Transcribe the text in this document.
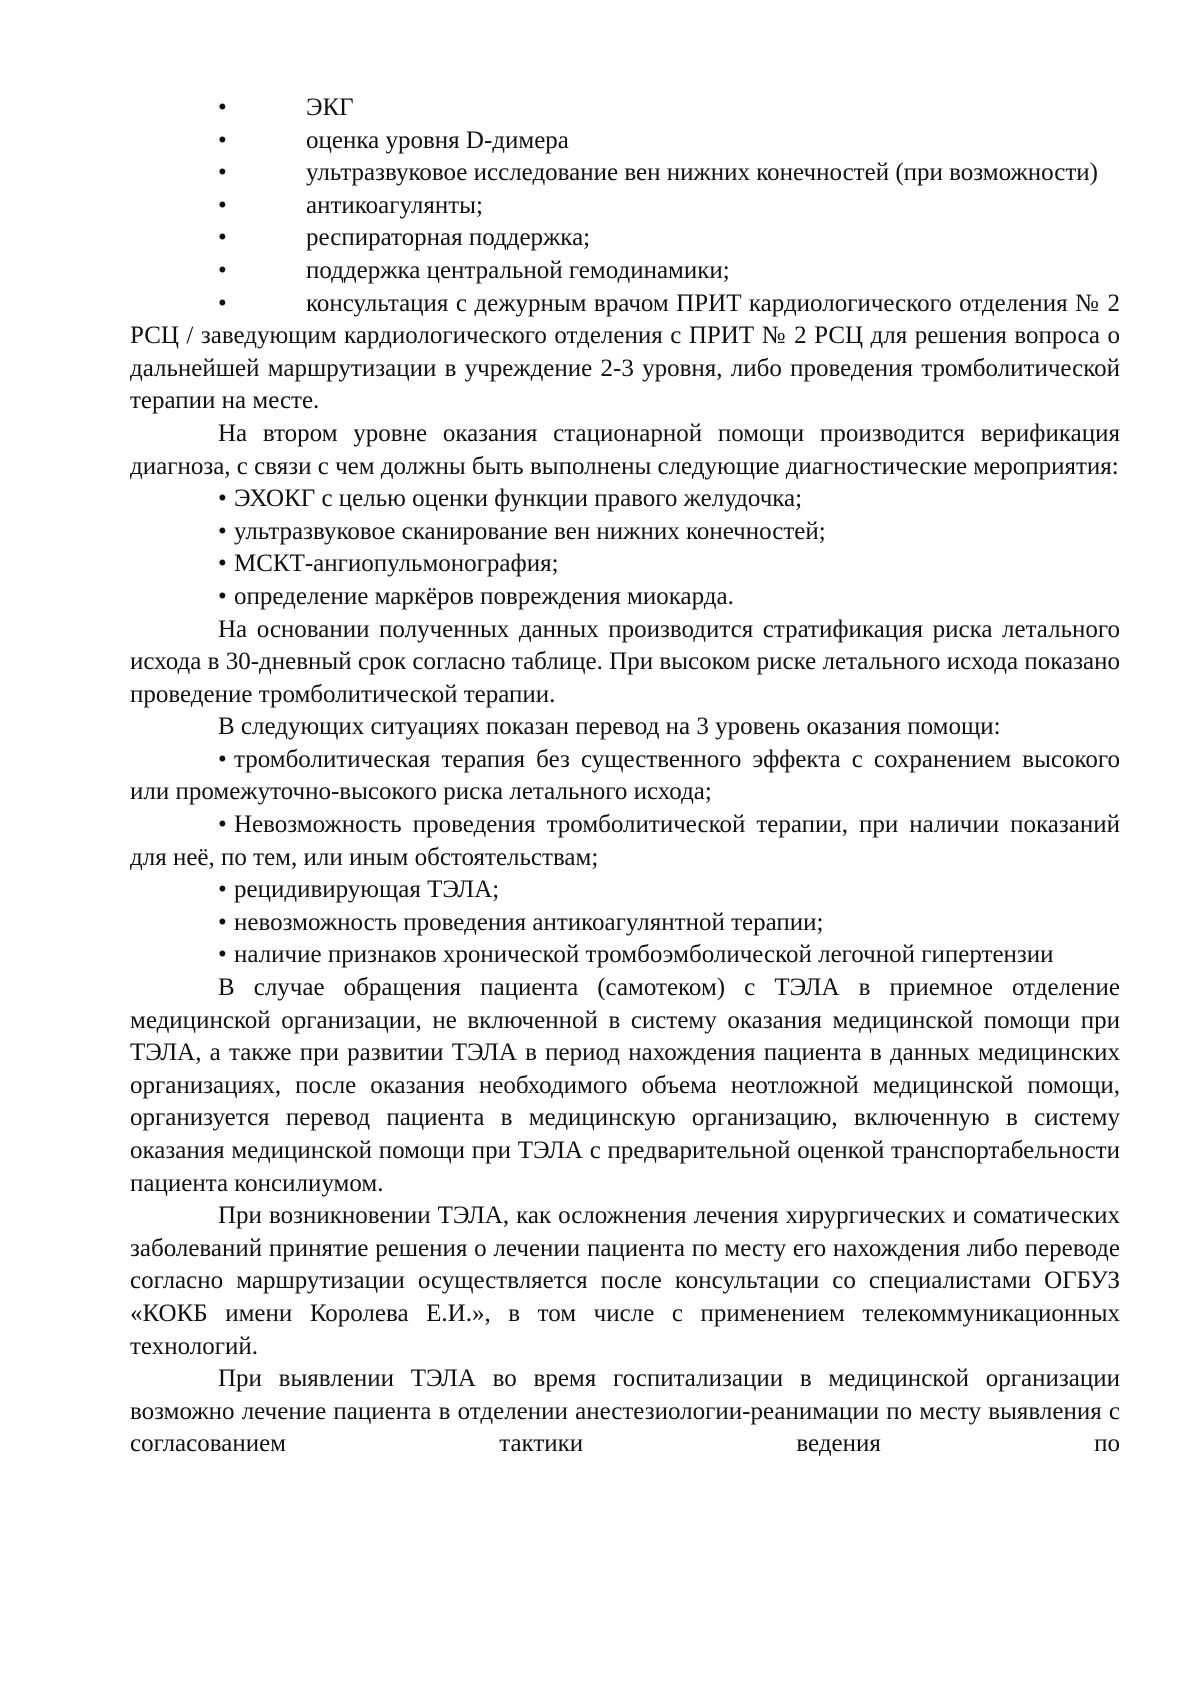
•	ЭКГ

•	оценка уровня D-димера

•	ультразвуковое исследование вен нижних конечностей (при возможности)

•	антикоагулянты;

•	респираторная поддержка;

•	поддержка центральной гемодинамики;

•	консультация с дежурным врачом ПРИТ кардиологического отделения № 2 РСЦ / заведующим кардиологического отделения с ПРИТ № 2 РСЦ для решения вопроса о дальнейшей маршрутизации в учреждение 2-3 уровня, либо проведения тромболитической терапии на месте.

На втором уровне оказания стационарной помощи производится верификация диагноза, с связи с чем должны быть выполнены следующие диагностические мероприятия:

• ЭХОКГ с целью оценки функции правого желудочка;

• ультразвуковое сканирование вен нижних конечностей;

• МСКТ-ангиопульмонография;

• определение маркёров повреждения миокарда.

На основании полученных данных производится стратификация риска летального исхода в 30-дневный срок согласно таблице. При высоком риске летального исхода показано проведение тромболитической терапии.

В следующих ситуациях показан перевод на 3 уровень оказания помощи:

• тромболитическая терапия без существенного эффекта с сохранением высокого или промежуточно-высокого риска летального исхода;

• Невозможность проведения тромболитической терапии, при наличии показаний для неё, по тем, или иным обстоятельствам;

• рецидивирующая ТЭЛА;

• невозможность проведения антикоагулянтной терапии;

• наличие признаков хронической тромбоэмболической легочной гипертензии

В случае обращения пациента (самотеком) с ТЭЛА в приемное отделение медицинской организации, не включенной в систему оказания медицинской помощи при ТЭЛА, а также при развитии ТЭЛА в период нахождения пациента в данных медицинских организациях, после оказания необходимого объема неотложной медицинской помощи, организуется перевод пациента в медицинскую организацию, включенную в систему оказания медицинской помощи при ТЭЛА с предварительной оценкой транспортабельности пациента консилиумом.

При возникновении ТЭЛА, как осложнения лечения хирургических и соматических заболеваний принятие решения о лечении пациента по месту его нахождения либо переводе согласно маршрутизации осуществляется после консультации со специалистами ОГБУЗ «КОКБ имени Королева Е.И.», в том числе с применением телекоммуникационных технологий.

При выявлении ТЭЛА во время госпитализации в медицинской организации возможно лечение пациента в отделении анестезиологии-реанимации по месту выявления с согласованием тактики ведения по
